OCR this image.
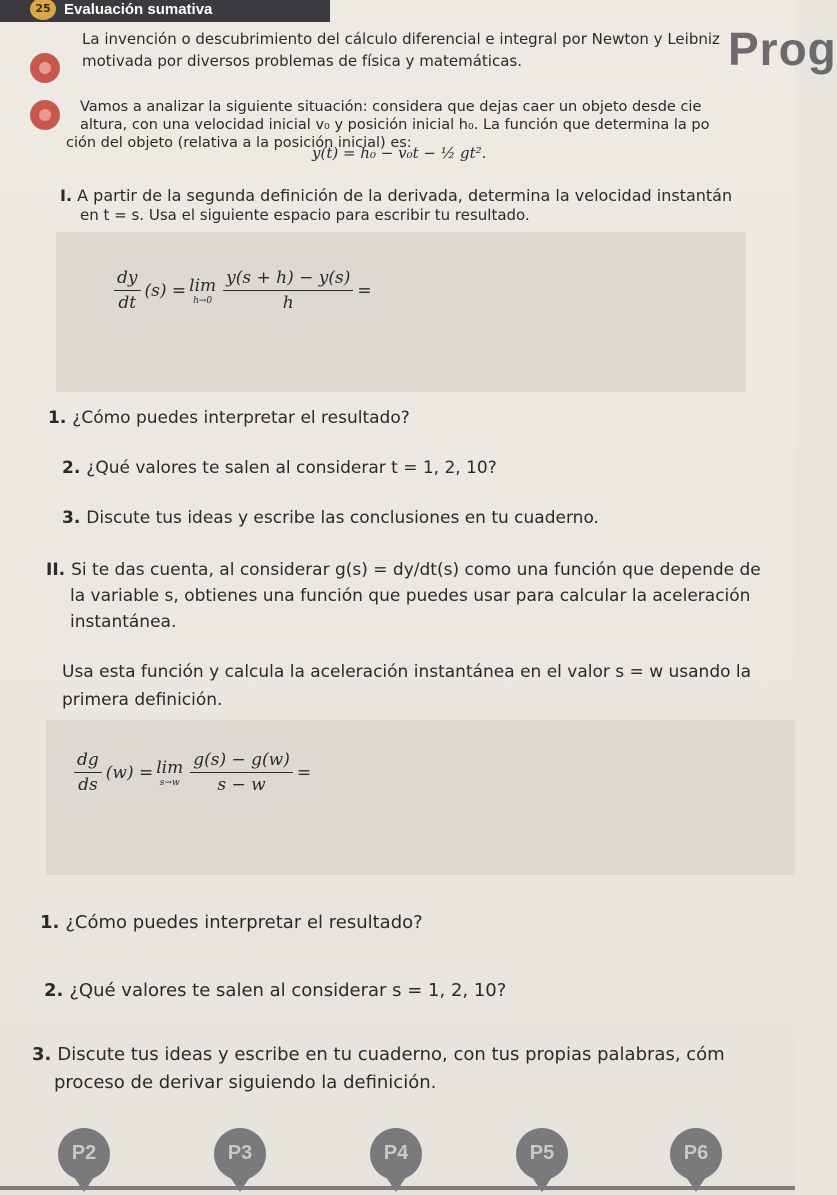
25 Evaluación sumativa
Prog
La invención o descubrimiento del cálculo diferencial e integral por Newton y Leibniz
motivada por diversos problemas de física y matemáticas.
Vamos a analizar la siguiente situación: considera que dejas caer un objeto desde cie
altura, con una velocidad inicial v₀ y posición inicial h₀. La función que determina la po
ción del objeto (relativa a la posición inicial) es:
y(t) = h₀ − v₀t − ½ gt².
I. A partir de la segunda definición de la derivada, determina la velocidad instantán
en t = s. Usa el siguiente espacio para escribir tu resultado.
$\frac{dy}{dt} (s) = \lim$
$h\to 0 \frac{y(s + h) - y(s)}{h}$ =
1. ¿Cómo puedes interpretar el resultado?
2. ¿Qué valores te salen al considerar t = 1, 2, 10?
3. Discute tus ideas y escribe las conclusiones en tu cuaderno.
II. Si te das cuenta, al considerar g(s) = dy/dt(s) como una función que depende de
la variable s, obtienes una función que puedes usar para calcular la aceleración
instantánea.
Usa esta función y calcula la aceleración instantánea en el valor s = w usando la
primera definición.
$\frac{dg}{ds} (w) = \lim$
$s\to w \frac{g(s) - g(w)}{s - w}$ =
1. ¿Cómo puedes interpretar el resultado?
2. ¿Qué valores te salen al considerar s = 1, 2, 10?
3. Discute tus ideas y escribe en tu cuaderno, con tus propias palabras, cóm
proceso de derivar siguiendo la definición.
P2	P3	P4	P5	P6
